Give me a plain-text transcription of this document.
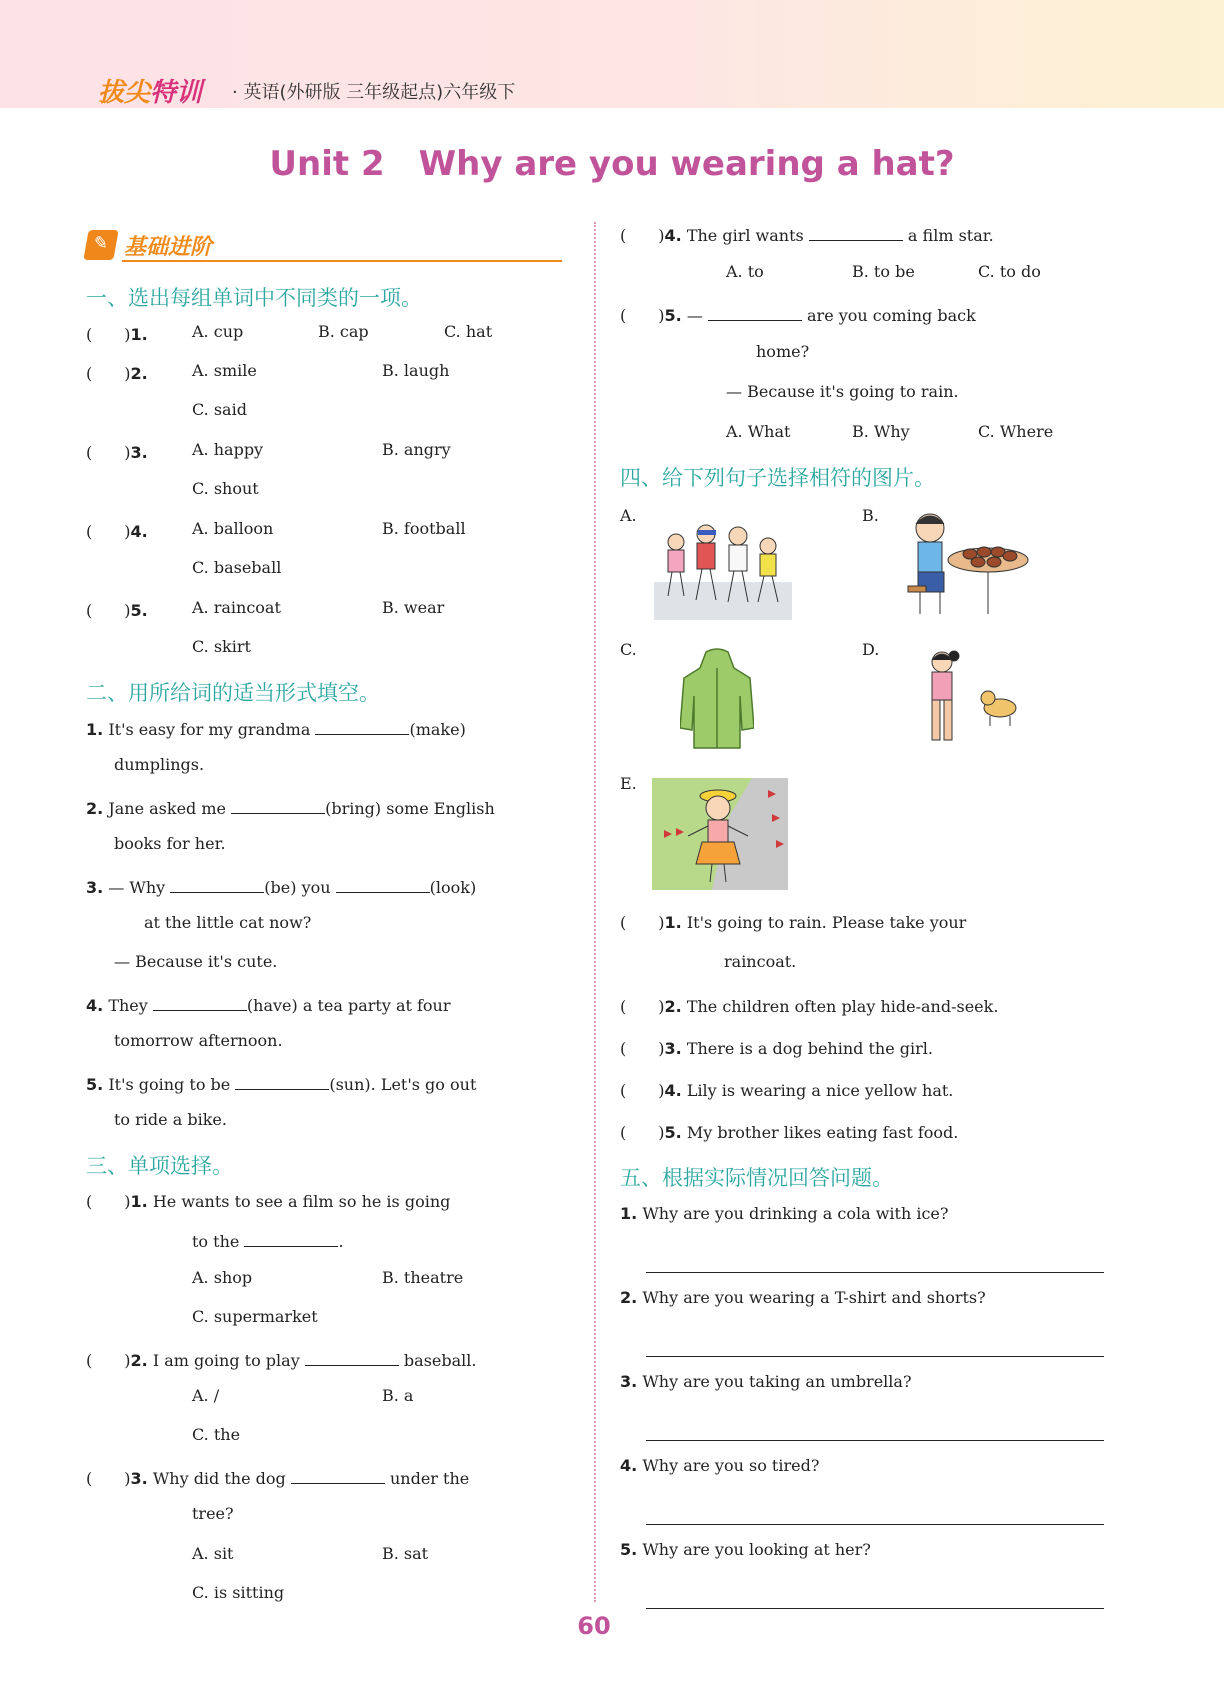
拔尖特训 · 英语(外研版 三年级起点)六年级下
Unit 2　Why are you wearing a hat?
✎ 基础进阶
一、选出每组单词中不同类的一项。
(　　)1.	A. cup	B. cap	C. hat
(　　)2.	A. smile	B. laugh
C. said
(　　)3.	A. happy	B. angry
C. shout
(　　)4.	A. balloon	B. football
C. baseball
(　　)5.	A. raincoat	B. wear
C. skirt
二、用所给词的适当形式填空。
1. It's easy for my grandma	(make)
dumplings.
2. Jane asked me	(bring) some English
books for her.
3. — Why	(be) you	(look)
at the little cat now?
— Because it's cute.
4. They	(have) a tea party at four
tomorrow afternoon.
5. It's going to be	(sun). Let's go out
to ride a bike.
三、单项选择。
(　　)1. He wants to see a film so he is going
to the	.
A. shop	B. theatre
C. supermarket
(　　)2. I am going to play	baseball.
A. /	B. a
C. the
(　　)3. Why did the dog	under the
tree?
A. sit	B. sat
C. is sitting
(　　)4. The girl wants	a film star.
A. to	B. to be	C. to do
(　　)5. —	are you coming back
home?
— Because it's going to rain.
A. What	B. Why	C. Where
四、给下列句子选择相符的图片。
A.	B.
C.	D.
E.
(　　)1. It's going to rain. Please take your
raincoat.
(　　)2. The children often play hide-and-seek.
(　　)3. There is a dog behind the girl.
(　　)4. Lily is wearing a nice yellow hat.
(　　)5. My brother likes eating fast food.
五、根据实际情况回答问题。
1. Why are you drinking a cola with ice?
2. Why are you wearing a T-shirt and shorts?
3. Why are you taking an umbrella?
4. Why are you so tired?
5. Why are you looking at her?
60
